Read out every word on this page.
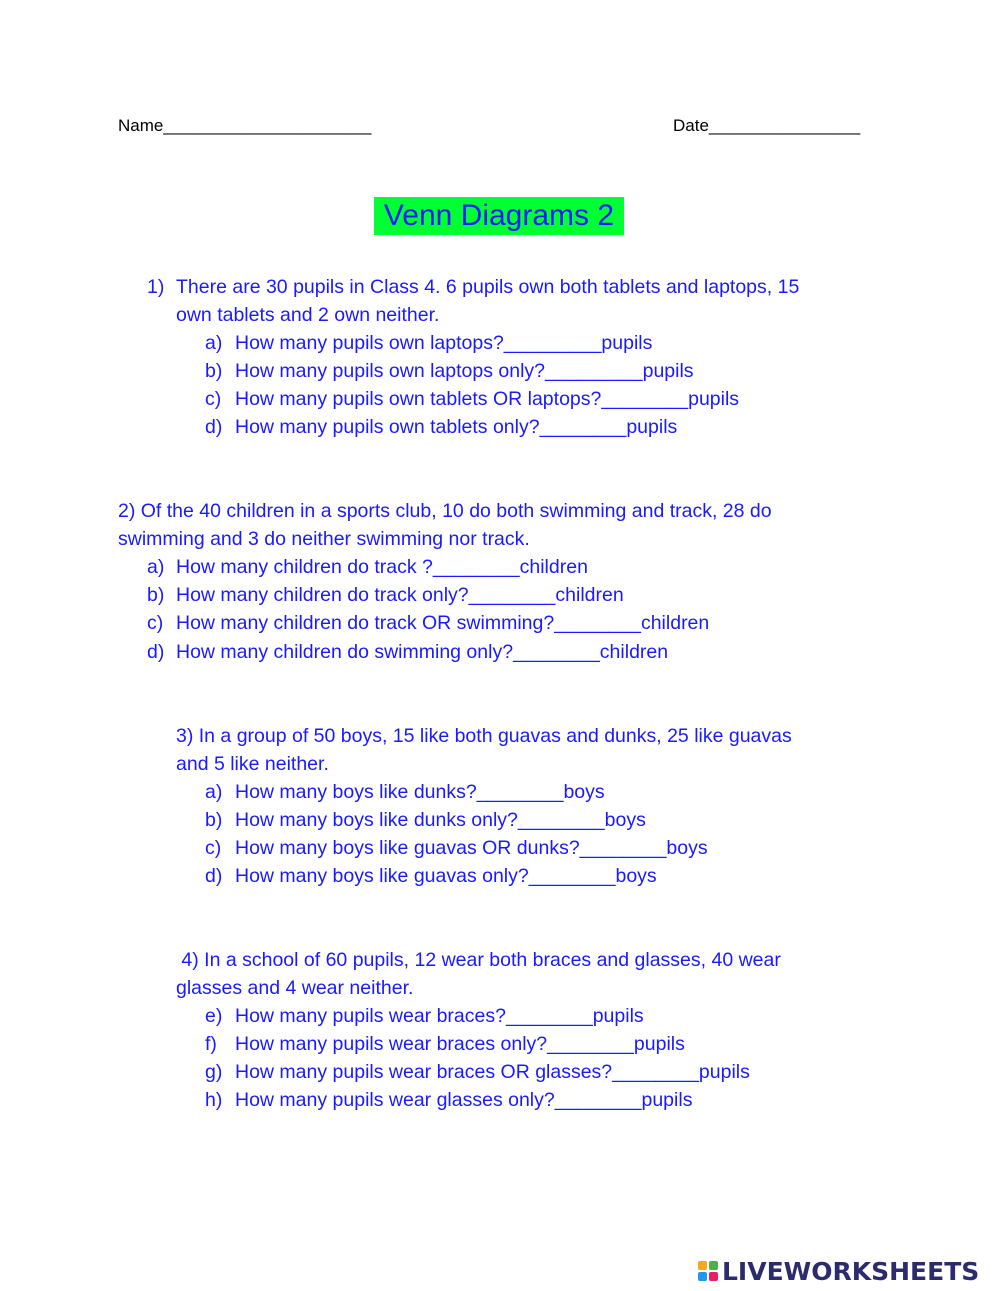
Name______________________	Date________________
Venn Diagrams 2
1) There are 30 pupils in Class 4. 6 pupils own both tablets and laptops, 15
own tablets and 2 own neither.
a) How many pupils own laptops?_________pupils
b) How many pupils own laptops only?_________pupils
c) How many pupils own tablets OR laptops?________pupils
d) How many pupils own tablets only?________pupils
2) Of the 40 children in a sports club, 10 do both swimming and track, 28 do
swimming and 3 do neither swimming nor track.
a) How many children do track ?________children
b) How many children do track only?________children
c) How many children do track OR swimming?________children
d) How many children do swimming only?________children
3) In a group of 50 boys, 15 like both guavas and dunks, 25 like guavas
and 5 like neither.
a) How many boys like dunks?________boys
b) How many boys like dunks only?________boys
c) How many boys like guavas OR dunks?________boys
d) How many boys like guavas only?________boys
4) In a school of 60 pupils, 12 wear both braces and glasses, 40 wear
glasses and 4 wear neither.
e) How many pupils wear braces?________pupils
f) How many pupils wear braces only?________pupils
g) How many pupils wear braces OR glasses?________pupils
h) How many pupils wear glasses only?________pupils
LIVEWORKSHEETS
